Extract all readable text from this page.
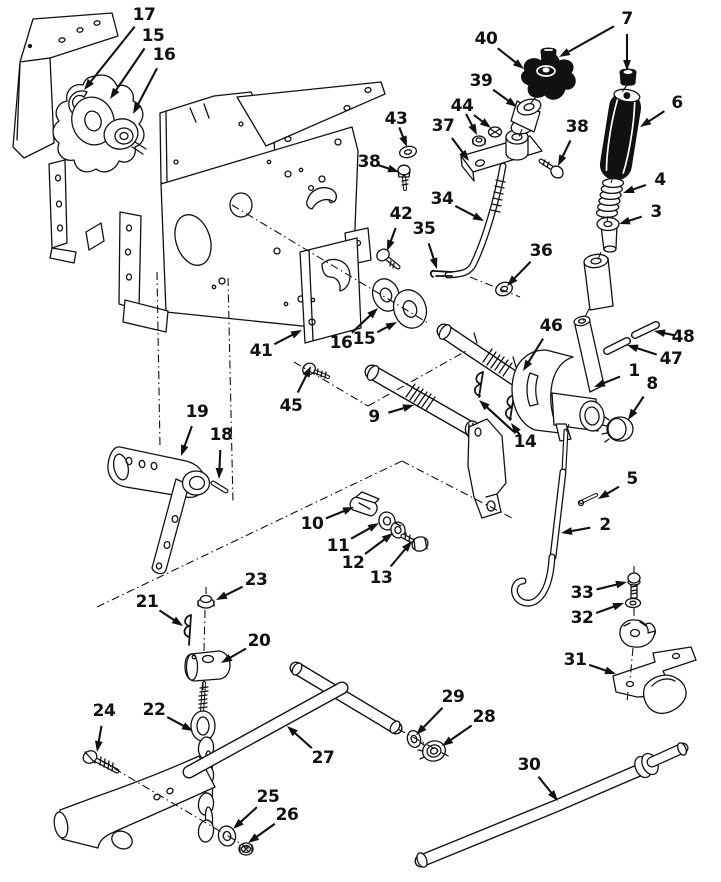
17
15
16
40
7
39
44
43 37
38
38
6
4
3
42
34
35
36
41	16 15
45
46
48
47
1
8
9
14
5
2
19
18
10
11
12
13
23
21
20
33
32
31
24 22
27
29
28
25
26
30
